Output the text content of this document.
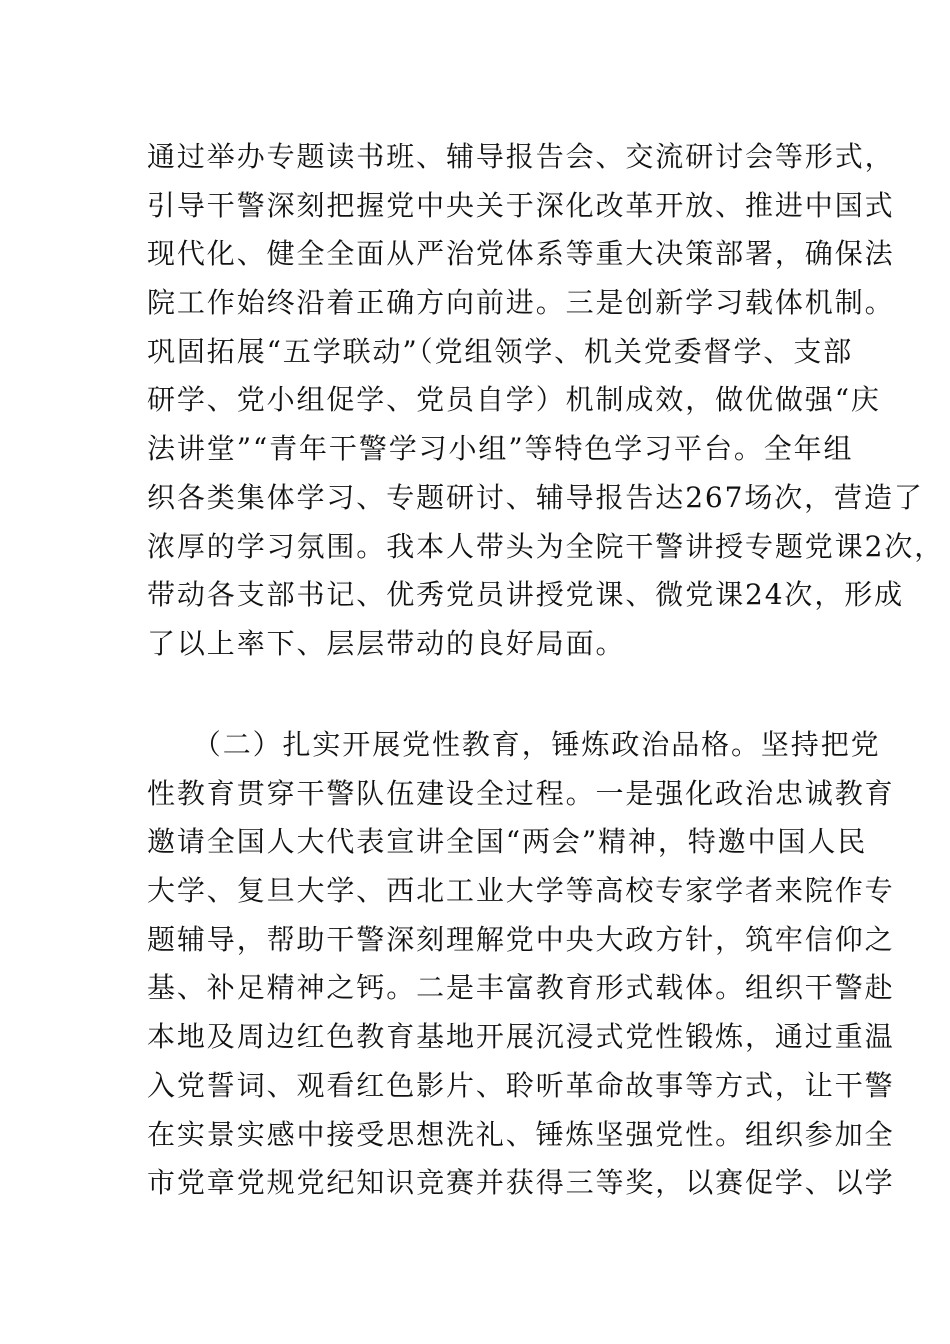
通过举办专题读书班、辅导报告会、交流研讨会等形式，
引导干警深刻把握党中央关于深化改革开放、推进中国式
现代化、健全全面从严治党体系等重大决策部署，确保法
院工作始终沿着正确方向前进。三是创新学习载体机制。
巩固拓展“五学联动”（党组领学、机关党委督学、支部
研学、党小组促学、党员自学）机制成效，做优做强“庆
法讲堂”“青年干警学习小组”等特色学习平台。全年组
织各类集体学习、专题研讨、辅导报告达267场次，营造了
浓厚的学习氛围。我本人带头为全院干警讲授专题党课2次，
带动各支部书记、优秀党员讲授党课、微党课24次，形成
了以上率下、层层带动的良好局面。
　　（二）扎实开展党性教育，锤炼政治品格。坚持把党
性教育贯穿干警队伍建设全过程。一是强化政治忠诚教育
邀请全国人大代表宣讲全国“两会”精神，特邀中国人民
大学、复旦大学、西北工业大学等高校专家学者来院作专
题辅导，帮助干警深刻理解党中央大政方针，筑牢信仰之
基、补足精神之钙。二是丰富教育形式载体。组织干警赴
本地及周边红色教育基地开展沉浸式党性锻炼，通过重温
入党誓词、观看红色影片、聆听革命故事等方式，让干警
在实景实感中接受思想洗礼、锤炼坚强党性。组织参加全
市党章党规党纪知识竞赛并获得三等奖，以赛促学、以学
